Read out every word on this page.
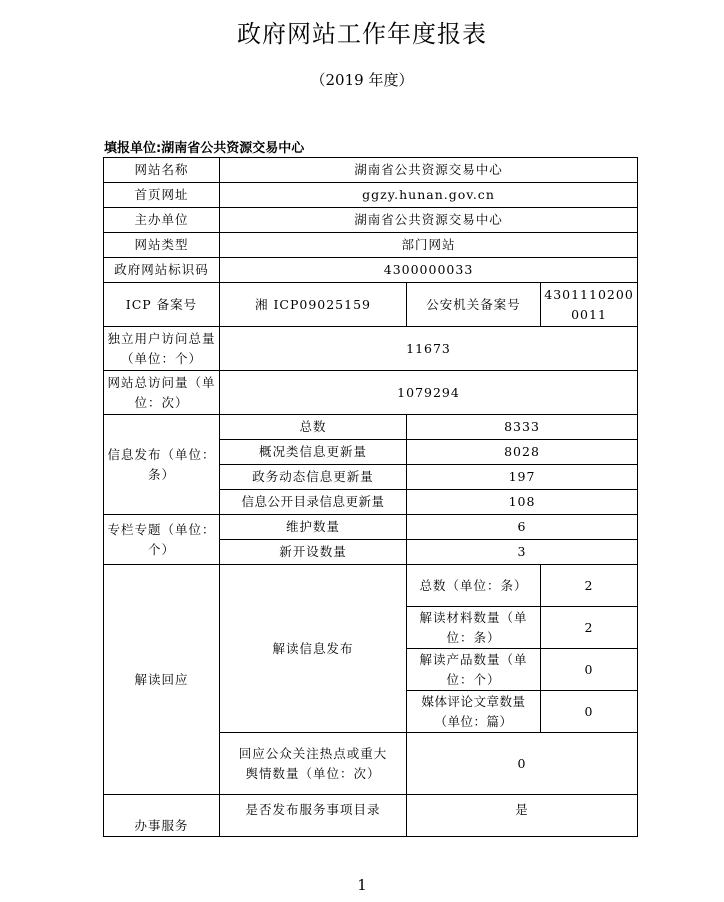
政府网站工作年度报表
（2019 年度）
填报单位:湖南省公共资源交易中心
网站名称	湖南省公共资源交易中心		
首页网址	ggzy.hunan.gov.cn		
主办单位	湖南省公共资源交易中心		
网站类型	部门网站		
政府网站标识码	4300000033		
ICP 备案号	湘 ICP09025159	公安机关备案号	43011102000011
独立用户访问总量（单位：个）	11673		
网站总访问量（单位：次）	1079294		
信息发布（单位：条）	总数	8333	
	概况类信息更新量	8028	
	政务动态信息更新量	197	
	信息公开目录信息更新量	108	
专栏专题（单位：个）	维护数量	6	
	新开设数量	3	
解读回应	解读信息发布	总数（单位：条）	2
		解读材料数量（单位：条）	2
		解读产品数量（单位：个）	0
		媒体评论文章数量（单位：篇）	0
	回应公众关注热点或重大舆情数量（单位：次）	0	
办事服务	是否发布服务事项目录	是	
1
